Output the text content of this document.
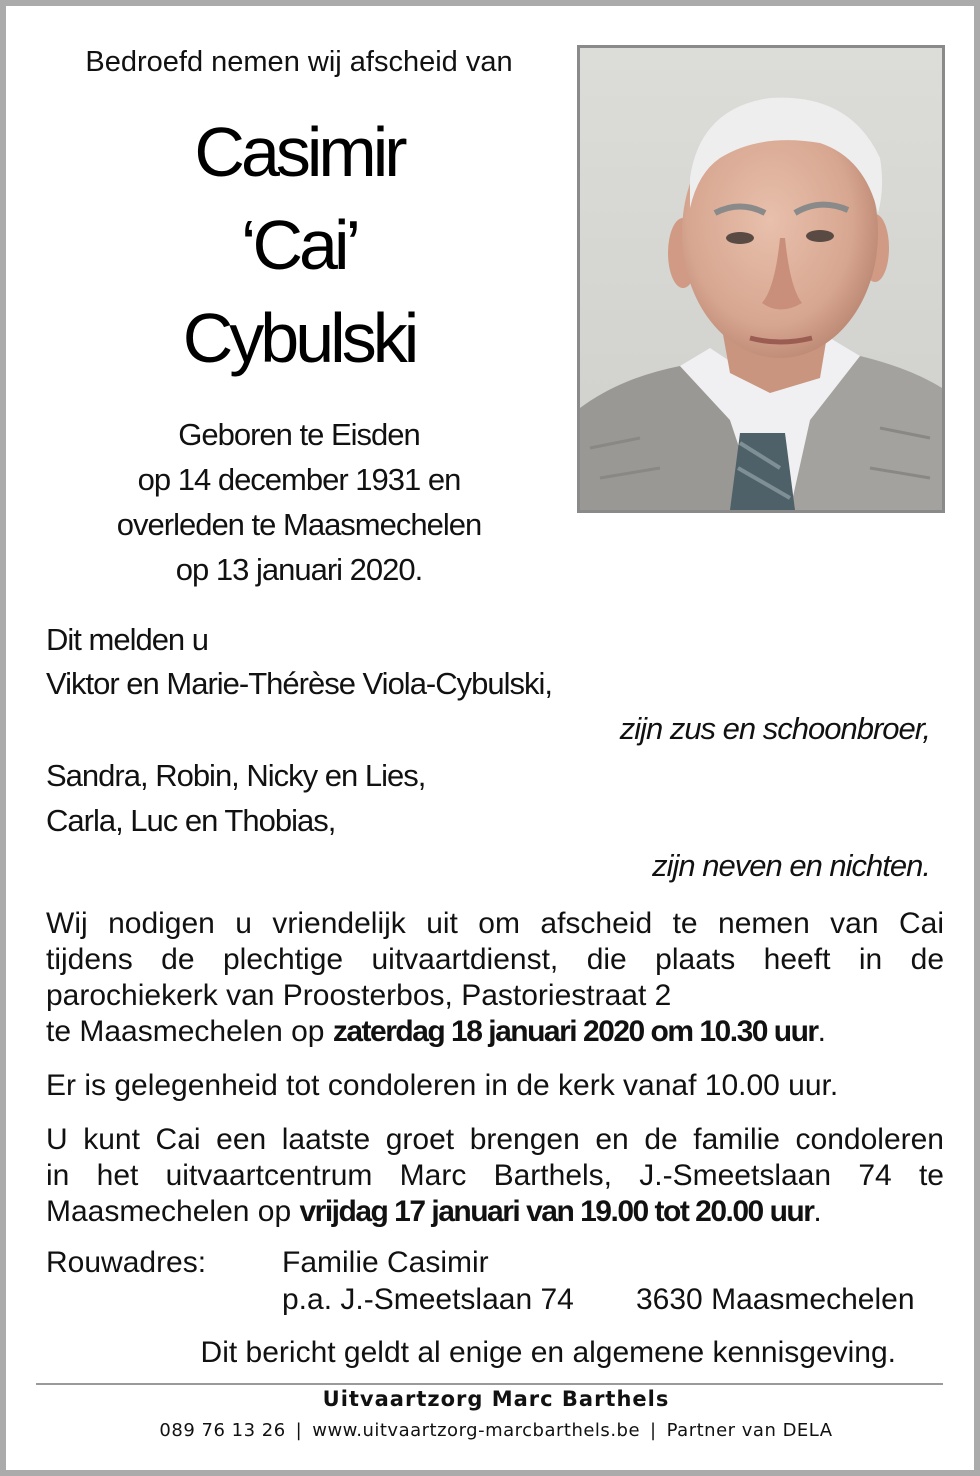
Bedroefd nemen wij afscheid van
Casimir
‘Cai’
Cybulski
Geboren te Eisden
op 14 december 1931 en
overleden te Maasmechelen
op 13 januari 2020.
Dit melden u
Viktor en Marie-Thérèse Viola-Cybulski,
zijn zus en schoonbroer,
Sandra, Robin, Nicky en Lies,
Carla, Luc en Thobias,
zijn neven en nichten.
Wij nodigen u vriendelijk uit om afscheid te nemen van Cai
tijdens de plechtige uitvaartdienst, die plaats heeft in de
parochiekerk van Proosterbos, Pastoriestraat 2
te Maasmechelen op zaterdag 18 januari 2020 om 10.30 uur.
Er is gelegenheid tot condoleren in de kerk vanaf 10.00 uur.
U kunt Cai een laatste groet brengen en de familie condoleren
in het uitvaartcentrum Marc Barthels, J.-Smeetslaan 74 te
Maasmechelen op vrijdag 17 januari van 19.00 tot 20.00 uur.
Rouwadres:	Familie Casimir
p.a. J.-Smeetslaan 74 3630 Maasmechelen
Dit bericht geldt al enige en algemene kennisgeving.
Uitvaartzorg Marc Barthels
089 76 13 26 | www.uitvaartzorg-marcbarthels.be | Partner van DELA
